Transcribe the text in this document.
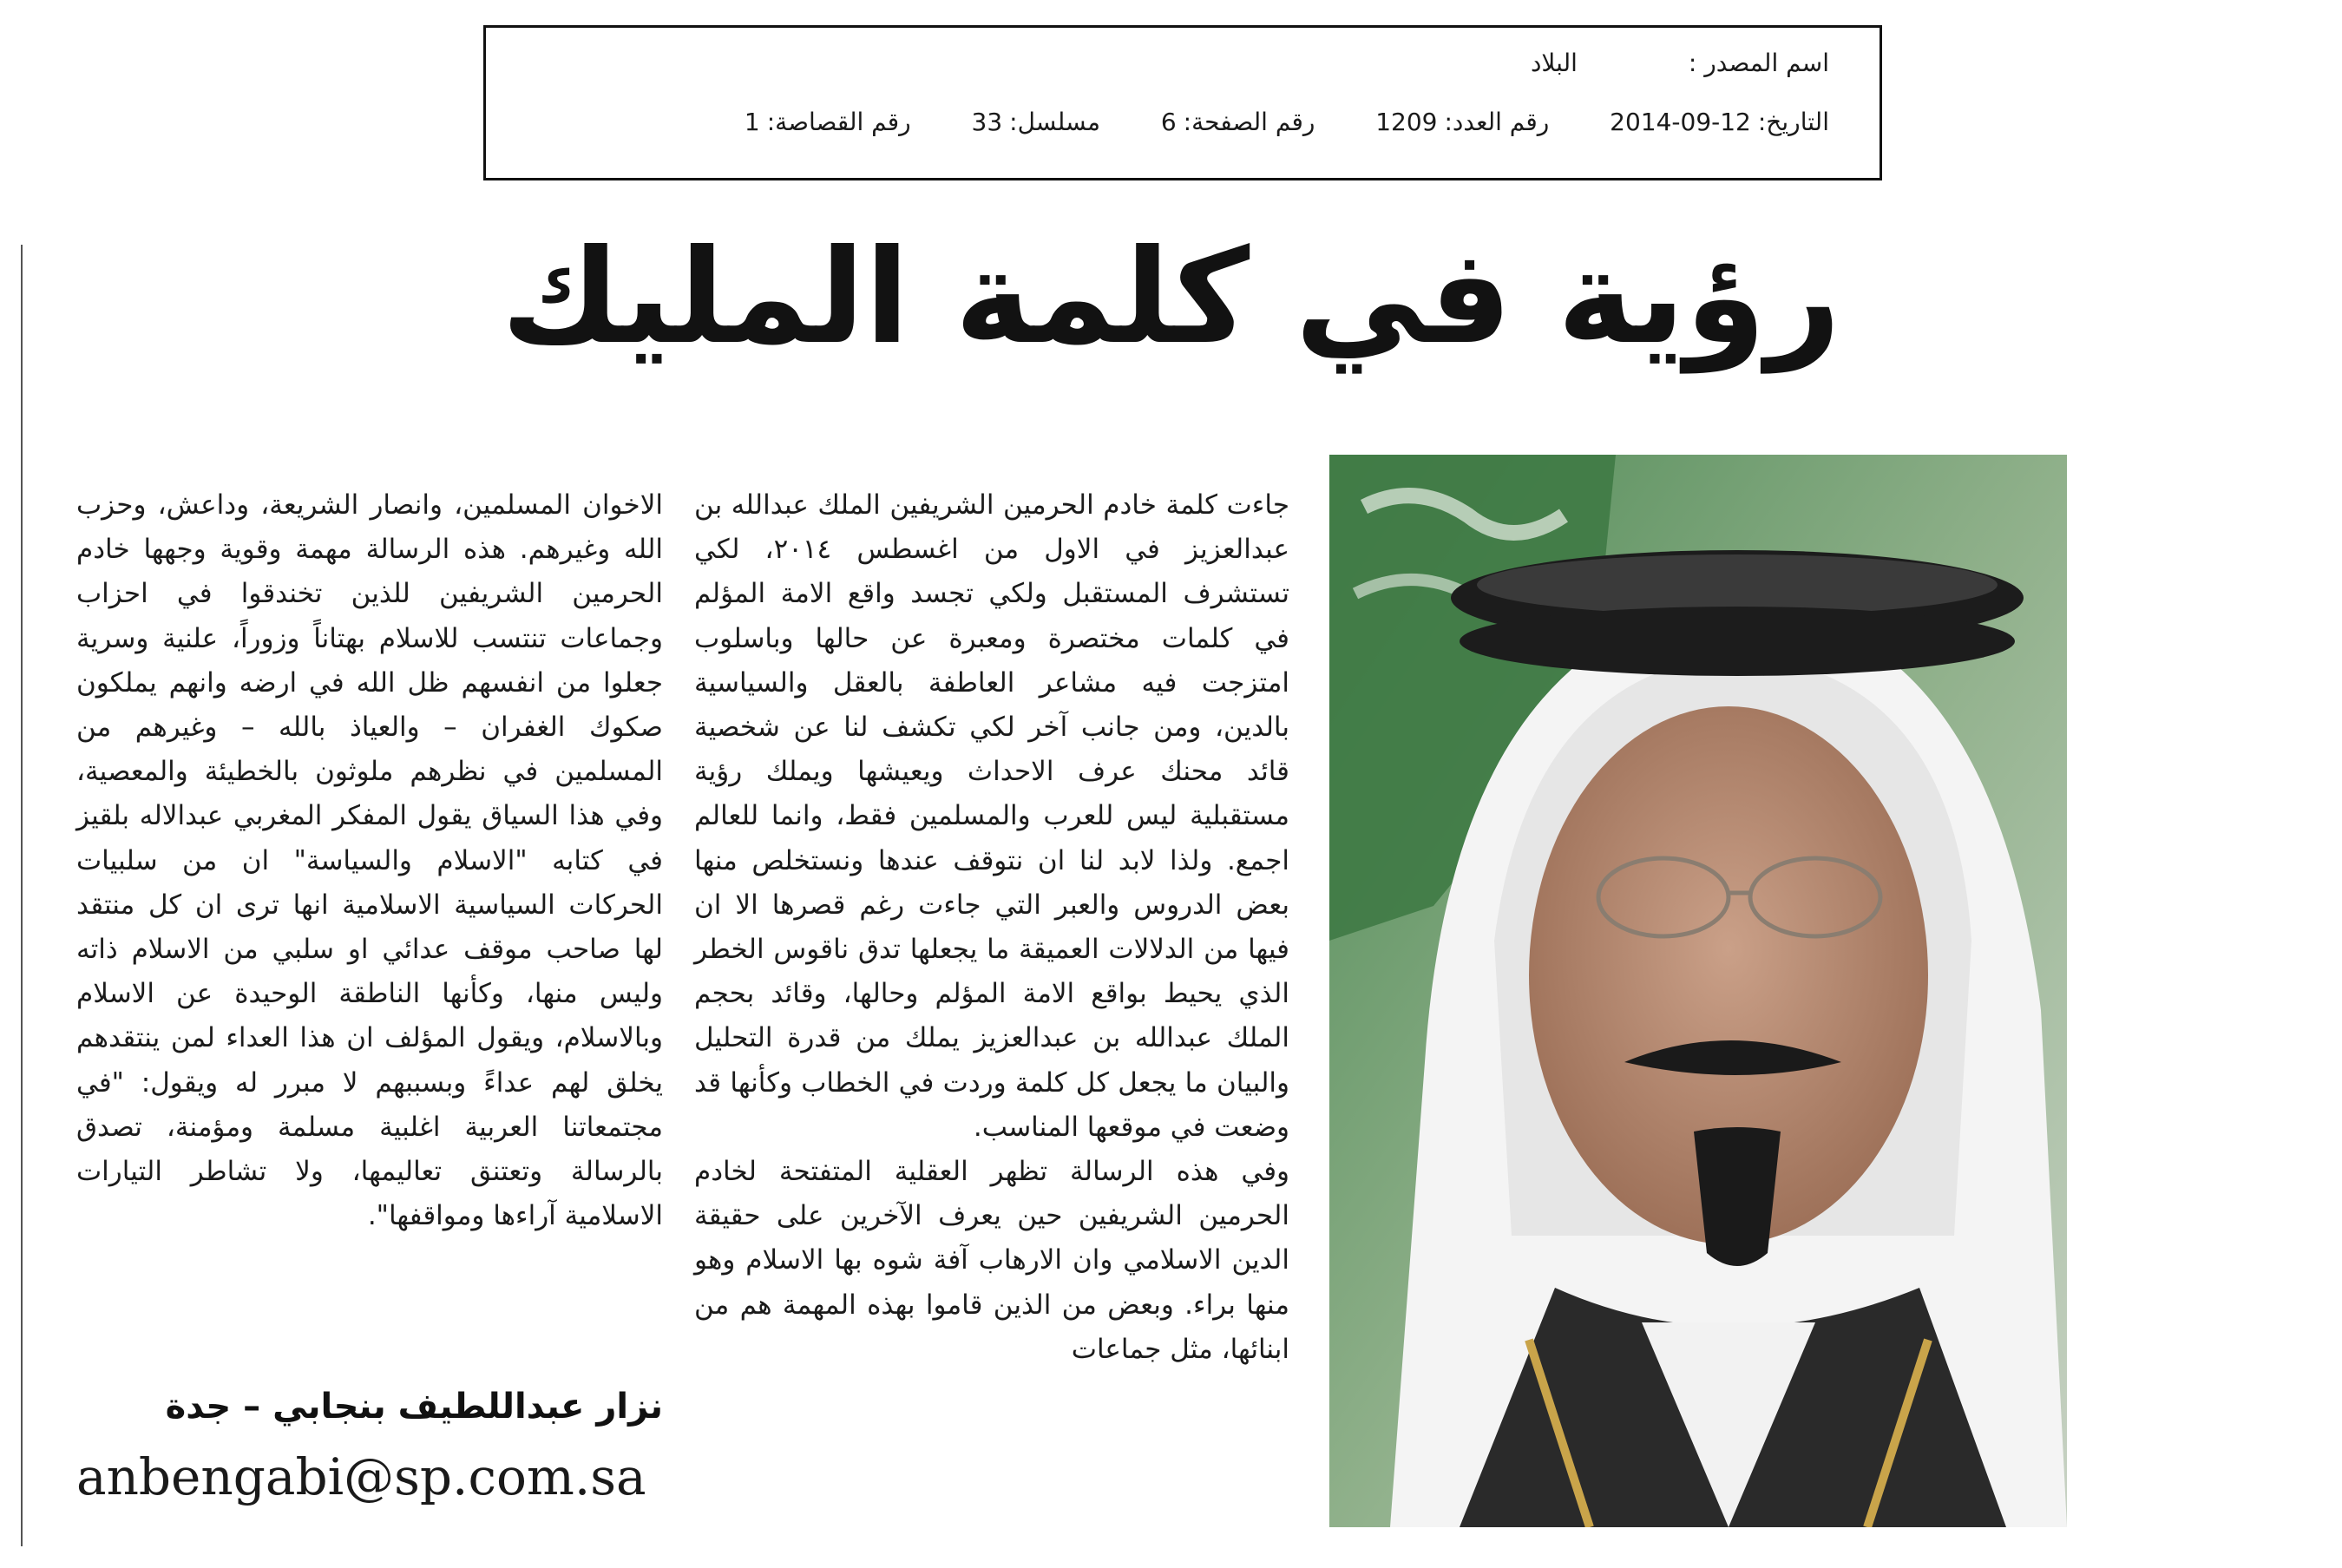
اسم المصدر :البلاد
التاريخ:2014-09-12  رقم العدد:1209  رقم الصفحة:6  مسلسل:33  رقم القصاصة:1
رؤية في كلمة المليك

جاءت كلمة خادم الحرمين الشريفين الملك عبدالله بن عبدالعزيز في الاول من اغسطس ٢٠١٤، لكي تستشرف المستقبل ولكي تجسد واقع الامة المؤلم في كلمات مختصرة ومعبرة عن حالها وباسلوب امتزجت فيه مشاعر العاطفة بالعقل والسياسية بالدين، ومن جانب آخر لكي تكشف لنا عن شخصية قائد محنك عرف الاحداث ويعيشها ويملك رؤية مستقبلية ليس للعرب والمسلمين فقط، وانما للعالم اجمع. ولذا لابد لنا ان نتوقف عندها ونستخلص منها بعض الدروس والعبر التي جاءت رغم قصرها الا ان فيها من الدلالات العميقة ما يجعلها تدق ناقوس الخطر الذي يحيط بواقع الامة المؤلم وحالها، وقائد بحجم الملك عبدالله بن عبدالعزيز يملك من قدرة التحليل والبيان ما يجعل كل كلمة وردت في الخطاب وكأنها قد وضعت في موقعها المناسب.

وفي هذه الرسالة تظهر العقلية المتفتحة لخادم الحرمين الشريفين حين يعرف الآخرين على حقيقة الدين الاسلامي وان الارهاب آفة شوه بها الاسلام وهو منها براء. وبعض من الذين قاموا بهذه المهمة هم من ابنائها، مثل جماعات

الاخوان المسلمين، وانصار الشريعة، وداعش، وحزب الله وغيرهم. هذه الرسالة مهمة وقوية وجهها خادم الحرمين الشريفين للذين تخندقوا في احزاب وجماعات تنتسب للاسلام بهتاناً وزوراً، علنية وسرية جعلوا من انفسهم ظل الله في ارضه وانهم يملكون صكوك الغفران – والعياذ بالله – وغيرهم من المسلمين في نظرهم ملوثون بالخطيئة والمعصية، وفي هذا السياق يقول المفكر المغربي عبدالاله بلقيز في كتابه "الاسلام والسياسة" ان من سلبيات الحركات السياسية الاسلامية انها ترى ان كل منتقد لها صاحب موقف عدائي او سلبي من الاسلام ذاته وليس منها، وكأنها الناطقة الوحيدة عن الاسلام وبالاسلام، ويقول المؤلف ان هذا العداء لمن ينتقدهم يخلق لهم عداءً وبسببهم لا مبرر له ويقول: "في مجتمعاتنا العربية اغلبية مسلمة ومؤمنة، تصدق بالرسالة وتعتنق تعاليمها، ولا تشاطر التيارات الاسلامية آراءها ومواقفها".

نزار عبداللطيف بنجابي – جدة
anbengabi@sp.com.sa
